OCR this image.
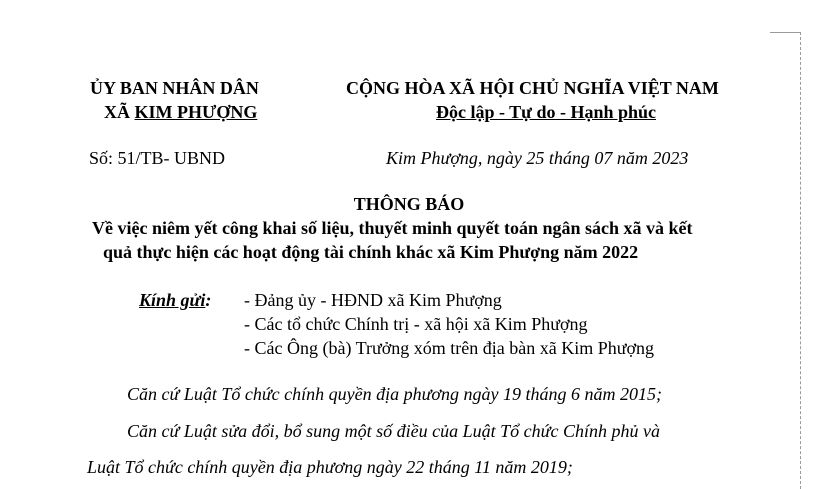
ỦY BAN NHÂN DÂN
XÃ KIM PHƯỢNG
CỘNG HÒA XÃ HỘI CHỦ NGHĨA VIỆT NAM
Độc lập - Tự do - Hạnh phúc
Số: 51/TB- UBND	Kim Phượng, ngày 25 tháng 07 năm 2023
THÔNG BÁO
Về việc niêm yết công khai số liệu, thuyết minh quyết toán ngân sách xã và kết
quả thực hiện các hoạt động tài chính khác xã Kim Phượng năm 2022
Kính gửi: - Đảng ủy - HĐND xã Kim Phượng
- Các tổ chức Chính trị - xã hội xã Kim Phượng
- Các Ông (bà) Trưởng xóm trên địa bàn xã Kim Phượng
Căn cứ Luật Tổ chức chính quyền địa phương ngày 19 tháng 6 năm 2015;
Căn cứ Luật sửa đổi, bổ sung một số điều của Luật Tổ chức Chính phủ và
Luật Tổ chức chính quyền địa phương ngày 22 tháng 11 năm 2019;
